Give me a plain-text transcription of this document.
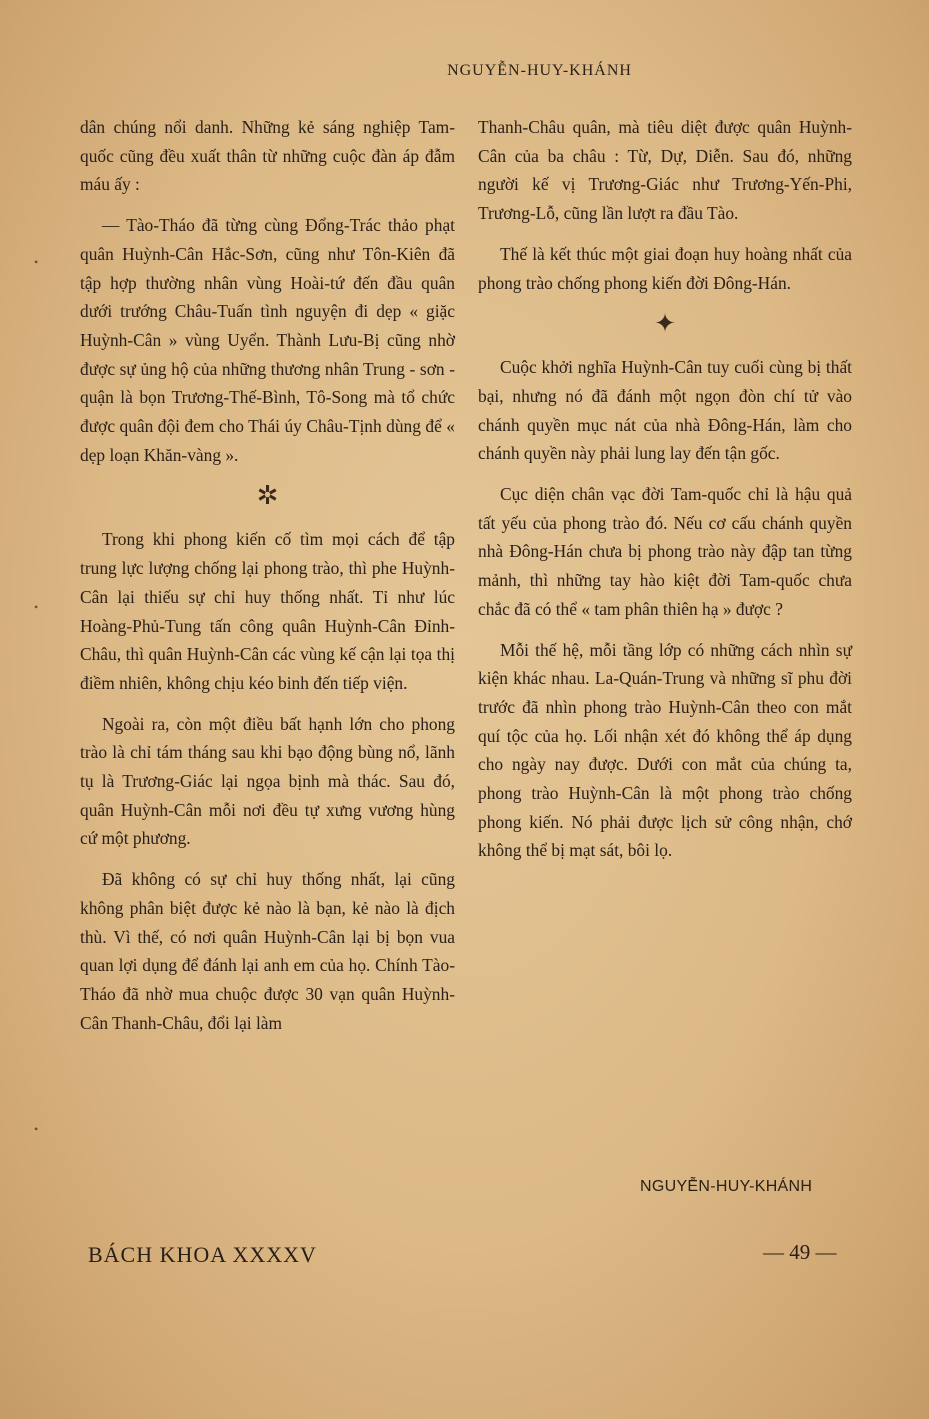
NGUYỄN-HUY-KHÁNH

dân chúng nổi danh. Những kẻ sáng nghiệp Tam-quốc cũng đều xuất thân từ những cuộc đàn áp đẫm máu ấy :

— Tào-Tháo đã từng cùng Đổng-Trác thảo phạt quân Huỳnh-Cân Hắc-Sơn, cũng như Tôn-Kiên đã tập hợp thường nhân vùng Hoài-tứ đến đầu quân dưới trướng Châu-Tuấn tình nguyện đi dẹp « giặc Huỳnh-Cân » vùng Uyển. Thành Lưu-Bị cũng nhờ được sự ủng hộ của những thương nhân Trung - sơn - quận là bọn Trương-Thế-Bình, Tô-Song mà tổ chức được quân đội đem cho Thái úy Châu-Tịnh dùng để « dẹp loạn Khăn-vàng ».

✲

Trong khi phong kiến cố tìm mọi cách để tập trung lực lượng chống lại phong trào, thì phe Huỳnh-Cân lại thiếu sự chỉ huy thống nhất. Tỉ như lúc Hoàng-Phủ-Tung tấn công quân Huỳnh-Cân Đỉnh-Châu, thì quân Huỳnh-Cân các vùng kế cận lại tọa thị điềm nhiên, không chịu kéo binh đến tiếp viện.

Ngoài ra, còn một điều bất hạnh lớn cho phong trào là chỉ tám tháng sau khi bạo động bùng nổ, lãnh tụ là Trương-Giác lại ngọa bịnh mà thác. Sau đó, quân Huỳnh-Cân mỗi nơi đều tự xưng vương hùng cứ một phương.

Đã không có sự chỉ huy thống nhất, lại cũng không phân biệt được kẻ nào là bạn, kẻ nào là địch thù. Vì thế, có nơi quân Huỳnh-Cân lại bị bọn vua quan lợi dụng để đánh lại anh em của họ. Chính Tào-Tháo đã nhờ mua chuộc được 30 vạn quân Huỳnh-Cân Thanh-Châu, đổi lại làm

Thanh-Châu quân, mà tiêu diệt được quân Huỳnh-Cân của ba châu : Từ, Dự, Diễn. Sau đó, những người kế vị Trương-Giác như Trương-Yến-Phi, Trương-Lỗ, cũng lần lượt ra đầu Tào.

Thế là kết thúc một giai đoạn huy hoàng nhất của phong trào chống phong kiến đời Đông-Hán.

✦

Cuộc khởi nghĩa Huỳnh-Cân tuy cuối cùng bị thất bại, nhưng nó đã đánh một ngọn đòn chí tử vào chánh quyền mục nát của nhà Đông-Hán, làm cho chánh quyền này phải lung lay đến tận gốc.

Cục diện chân vạc đời Tam-quốc chỉ là hậu quả tất yếu của phong trào đó. Nếu cơ cấu chánh quyền nhà Đông-Hán chưa bị phong trào này đập tan từng mảnh, thì những tay hào kiệt đời Tam-quốc chưa chắc đã có thể « tam phân thiên hạ » được ?

Mỗi thế hệ, mỗi tầng lớp có những cách nhìn sự kiện khác nhau. La-Quán-Trung và những sĩ phu đời trước đã nhìn phong trào Huỳnh-Cân theo con mắt quí tộc của họ. Lối nhận xét đó không thể áp dụng cho ngày nay được. Dưới con mắt của chúng ta, phong trào Huỳnh-Cân là một phong trào chống phong kiến. Nó phải được lịch sử công nhận, chớ không thể bị mạt sát, bôi lọ.

NGUYỄN-HUY-KHÁNH
BÁCH KHOA XXXXV	— 49 —
•
•
•
